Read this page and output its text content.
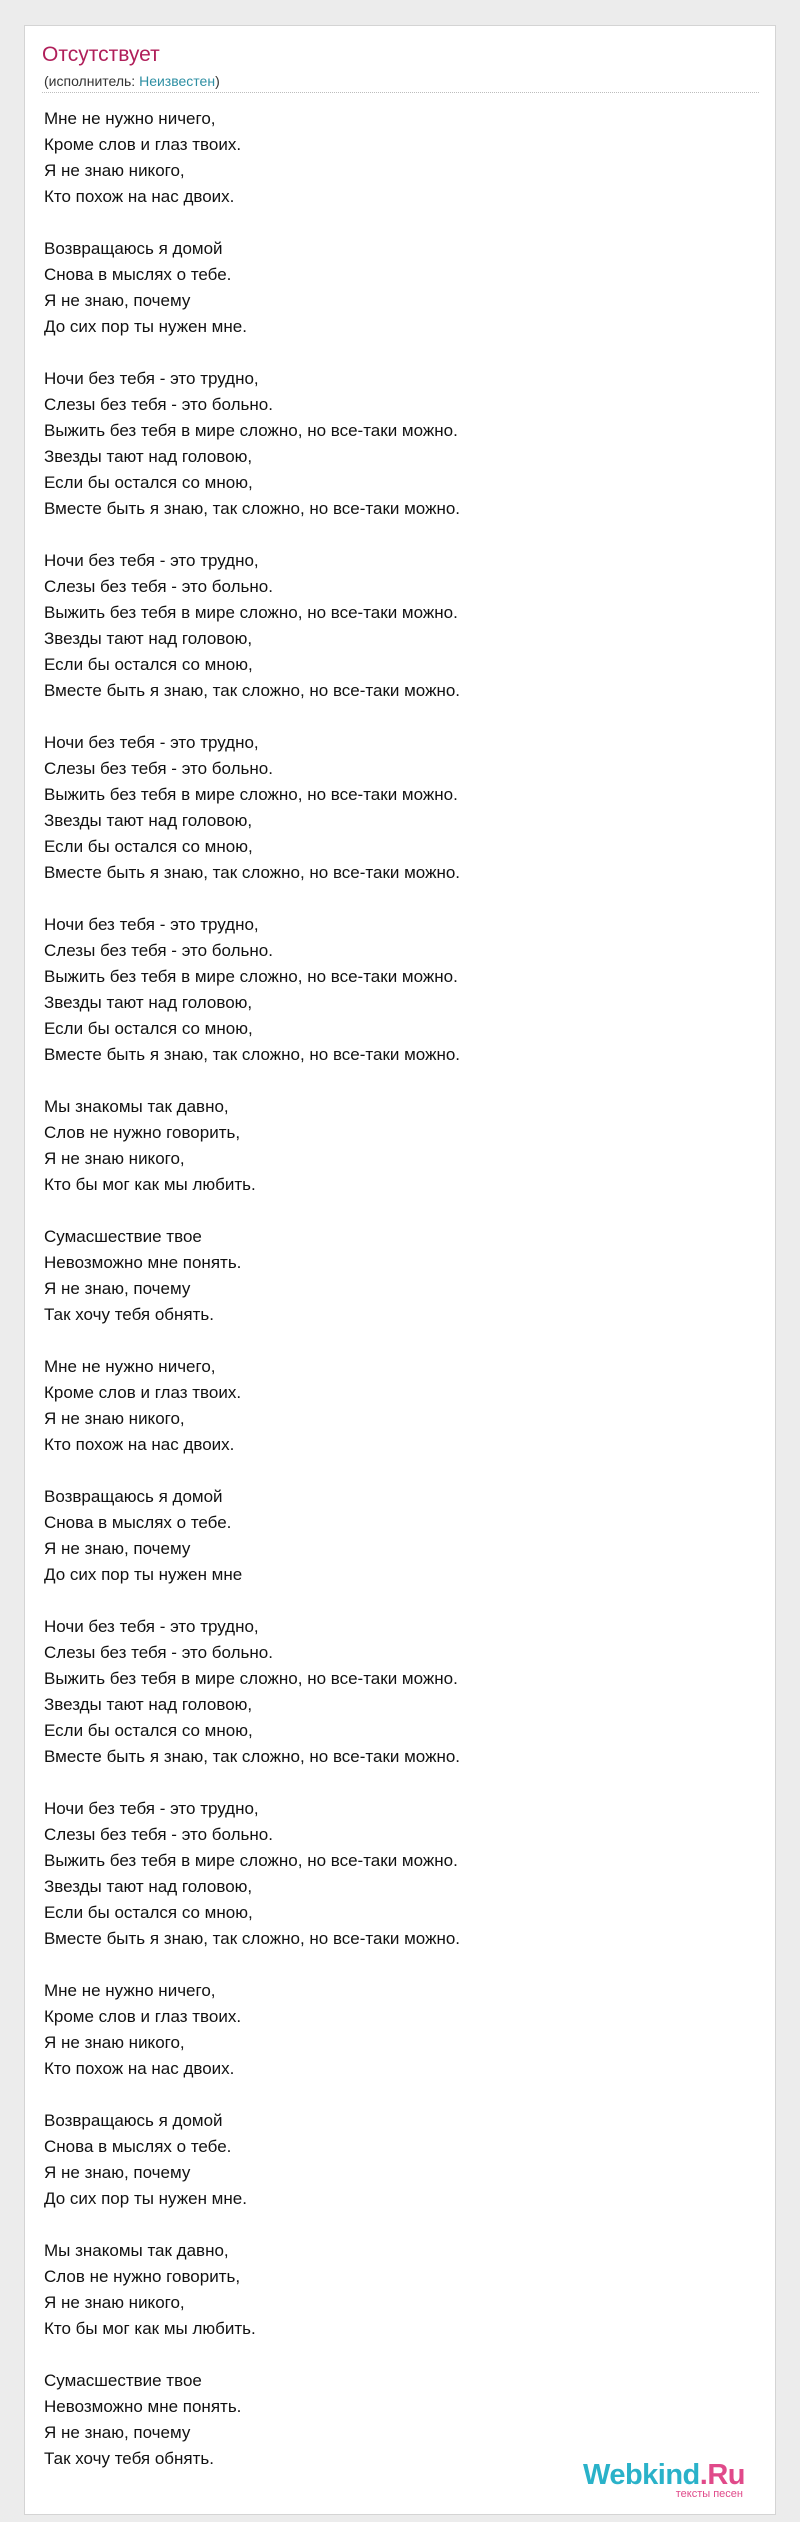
Отсутствует
(исполнитель: Неизвестен)
Мне не нужно ничего,
Кроме слов и глаз твоих.
Я не знаю никого,
Кто похож на нас двоих.
Возвращаюсь я домой
Снова в мыслях о тебе.
Я не знаю, почему
До сих пор ты нужен мне.
Ночи без тебя - это трудно,
Слезы без тебя - это больно.
Выжить без тебя в мире сложно, но все-таки можно.
Звезды тают над головою,
Если бы остался со мною,
Вместе быть я знаю, так сложно, но все-таки можно.
Ночи без тебя - это трудно,
Слезы без тебя - это больно.
Выжить без тебя в мире сложно, но все-таки можно.
Звезды тают над головою,
Если бы остался со мною,
Вместе быть я знаю, так сложно, но все-таки можно.
Ночи без тебя - это трудно,
Слезы без тебя - это больно.
Выжить без тебя в мире сложно, но все-таки можно.
Звезды тают над головою,
Если бы остался со мною,
Вместе быть я знаю, так сложно, но все-таки можно.
Ночи без тебя - это трудно,
Слезы без тебя - это больно.
Выжить без тебя в мире сложно, но все-таки можно.
Звезды тают над головою,
Если бы остался со мною,
Вместе быть я знаю, так сложно, но все-таки можно.
Мы знакомы так давно,
Слов не нужно говорить,
Я не знаю никого,
Кто бы мог как мы любить.
Сумасшествие твое
Невозможно мне понять.
Я не знаю, почему
Так хочу тебя обнять.
Мне не нужно ничего,
Кроме слов и глаз твоих.
Я не знаю никого,
Кто похож на нас двоих.
Возвращаюсь я домой
Снова в мыслях о тебе.
Я не знаю, почему
До сих пор ты нужен мне
Ночи без тебя - это трудно,
Слезы без тебя - это больно.
Выжить без тебя в мире сложно, но все-таки можно.
Звезды тают над головою,
Если бы остался со мною,
Вместе быть я знаю, так сложно, но все-таки можно.
Ночи без тебя - это трудно,
Слезы без тебя - это больно.
Выжить без тебя в мире сложно, но все-таки можно.
Звезды тают над головою,
Если бы остался со мною,
Вместе быть я знаю, так сложно, но все-таки можно.
Мне не нужно ничего,
Кроме слов и глаз твоих.
Я не знаю никого,
Кто похож на нас двоих.
Возвращаюсь я домой
Снова в мыслях о тебе.
Я не знаю, почему
До сих пор ты нужен мне.
Мы знакомы так давно,
Слов не нужно говорить,
Я не знаю никого,
Кто бы мог как мы любить.
Сумасшествие твое
Невозможно мне понять.
Я не знаю, почему
Так хочу тебя обнять.
Webkind.Ru
тексты песен
